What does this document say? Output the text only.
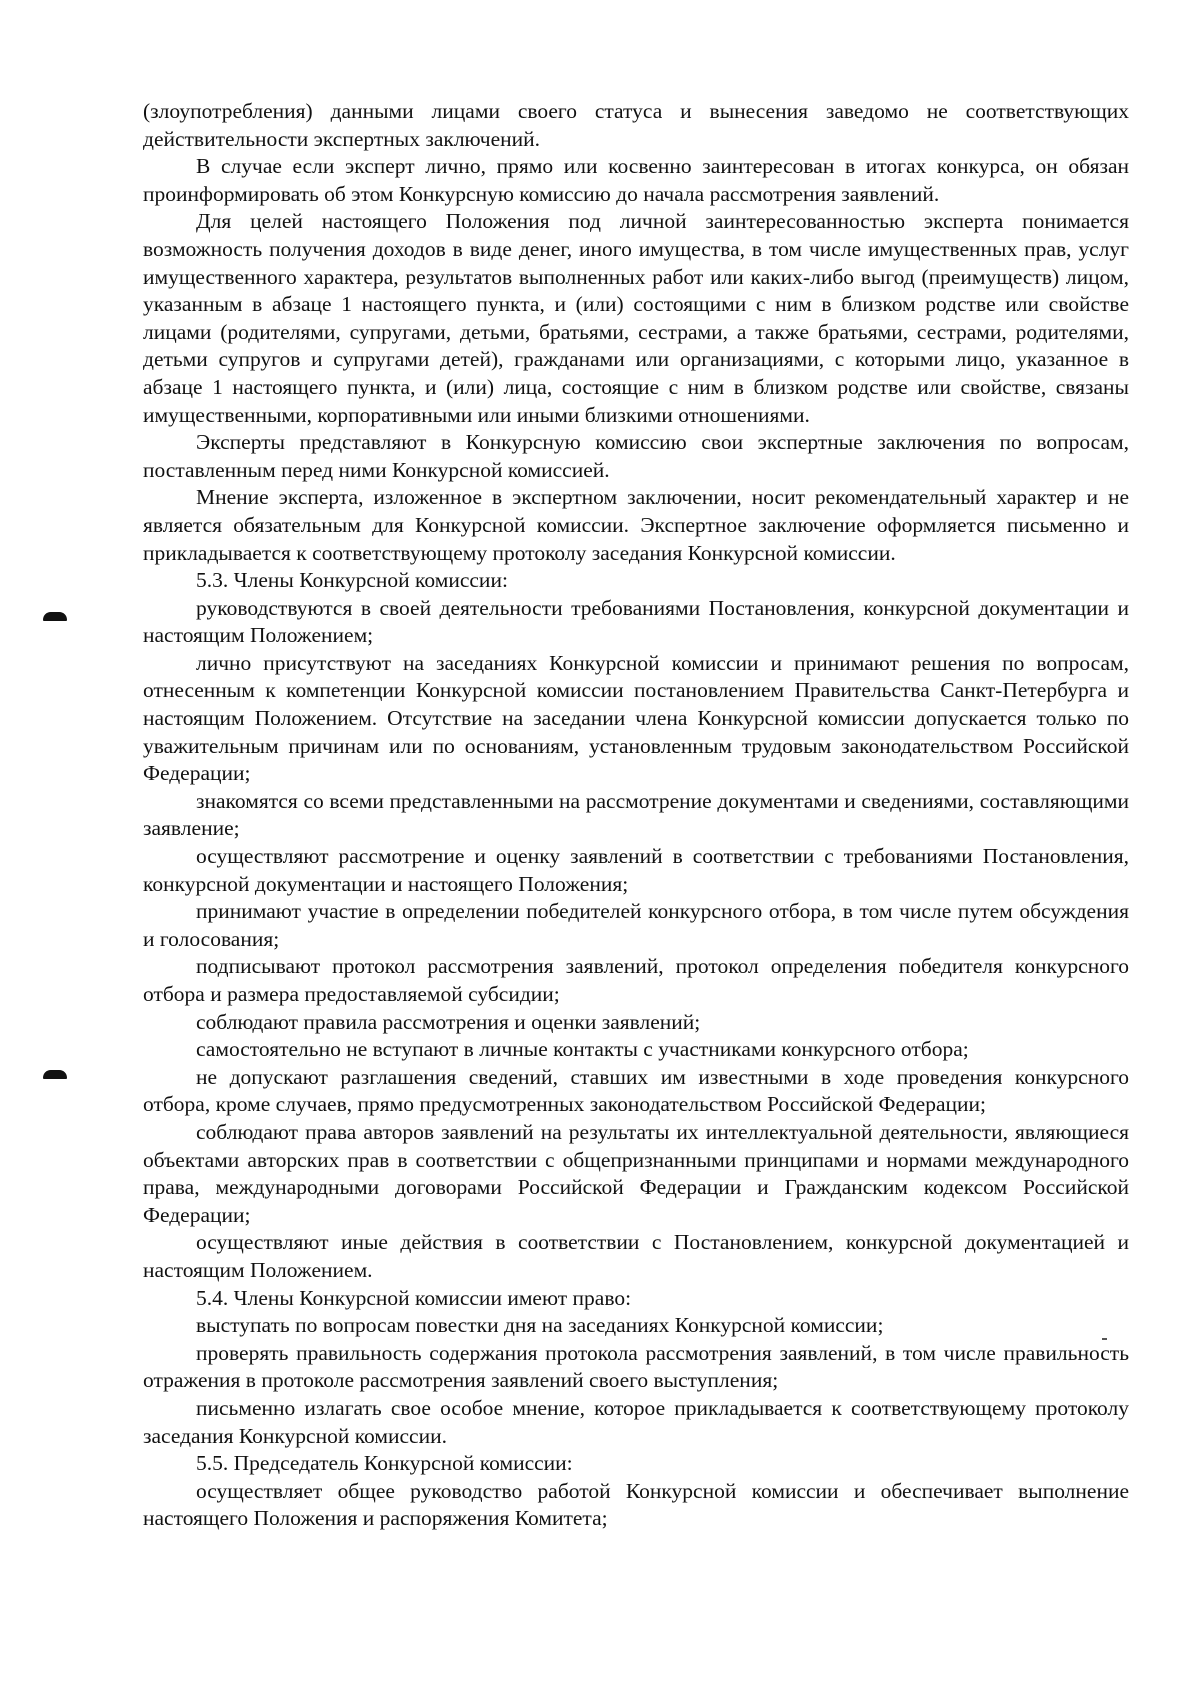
(злоупотребления) данными лицами своего статуса и вынесения заведомо не соответствующих действительности экспертных заключений.

В случае если эксперт лично, прямо или косвенно заинтересован в итогах конкурса, он обязан проинформировать об этом Конкурсную комиссию до начала рассмотрения заявлений.

Для целей настоящего Положения под личной заинтересованностью эксперта понимается возможность получения доходов в виде денег, иного имущества, в том числе имущественных прав, услуг имущественного характера, результатов выполненных работ или каких-либо выгод (преимуществ) лицом, указанным в абзаце 1 настоящего пункта, и (или) состоящими с ним в близком родстве или свойстве лицами (родителями, супругами, детьми, братьями, сестрами, а также братьями, сестрами, родителями, детьми супругов и супругами детей), гражданами или организациями, с которыми лицо, указанное в абзаце 1 настоящего пункта, и (или) лица, состоящие с ним в близком родстве или свойстве, связаны имущественными, корпоративными или иными близкими отношениями.

Эксперты представляют в Конкурсную комиссию свои экспертные заключения по вопросам, поставленным перед ними Конкурсной комиссией.

Мнение эксперта, изложенное в экспертном заключении, носит рекомендательный характер и не является обязательным для Конкурсной комиссии. Экспертное заключение оформляется письменно и прикладывается к соответствующему протоколу заседания Конкурсной комиссии.

5.3. Члены Конкурсной комиссии:

руководствуются в своей деятельности требованиями Постановления, конкурсной документации и настоящим Положением;

лично присутствуют на заседаниях Конкурсной комиссии и принимают решения по вопросам, отнесенным к компетенции Конкурсной комиссии постановлением Правительства Санкт-Петербурга и настоящим Положением. Отсутствие на заседании члена Конкурсной комиссии допускается только по уважительным причинам или по основаниям, установленным трудовым законодательством Российской Федерации;

знакомятся со всеми представленными на рассмотрение документами и сведениями, составляющими заявление;

осуществляют рассмотрение и оценку заявлений в соответствии с требованиями Постановления, конкурсной документации и настоящего Положения;

принимают участие в определении победителей конкурсного отбора, в том числе путем обсуждения и голосования;

подписывают протокол рассмотрения заявлений, протокол определения победителя конкурсного отбора и размера предоставляемой субсидии;

соблюдают правила рассмотрения и оценки заявлений;

самостоятельно не вступают в личные контакты с участниками конкурсного отбора;

не допускают разглашения сведений, ставших им известными в ходе проведения конкурсного отбора, кроме случаев, прямо предусмотренных законодательством Российской Федерации;

соблюдают права авторов заявлений на результаты их интеллектуальной деятельности, являющиеся объектами авторских прав в соответствии с общепризнанными принципами и нормами международного права, международными договорами Российской Федерации и Гражданским кодексом Российской Федерации;

осуществляют иные действия в соответствии с Постановлением, конкурсной документацией и настоящим Положением.

5.4. Члены Конкурсной комиссии имеют право:

выступать по вопросам повестки дня на заседаниях Конкурсной комиссии;

проверять правильность содержания протокола рассмотрения заявлений, в том числе правильность отражения в протоколе рассмотрения заявлений своего выступления;

письменно излагать свое особое мнение, которое прикладывается к соответствующему протоколу заседания Конкурсной комиссии.

5.5. Председатель Конкурсной комиссии:

осуществляет общее руководство работой Конкурсной комиссии и обеспечивает выполнение настоящего Положения и распоряжения Комитета;
